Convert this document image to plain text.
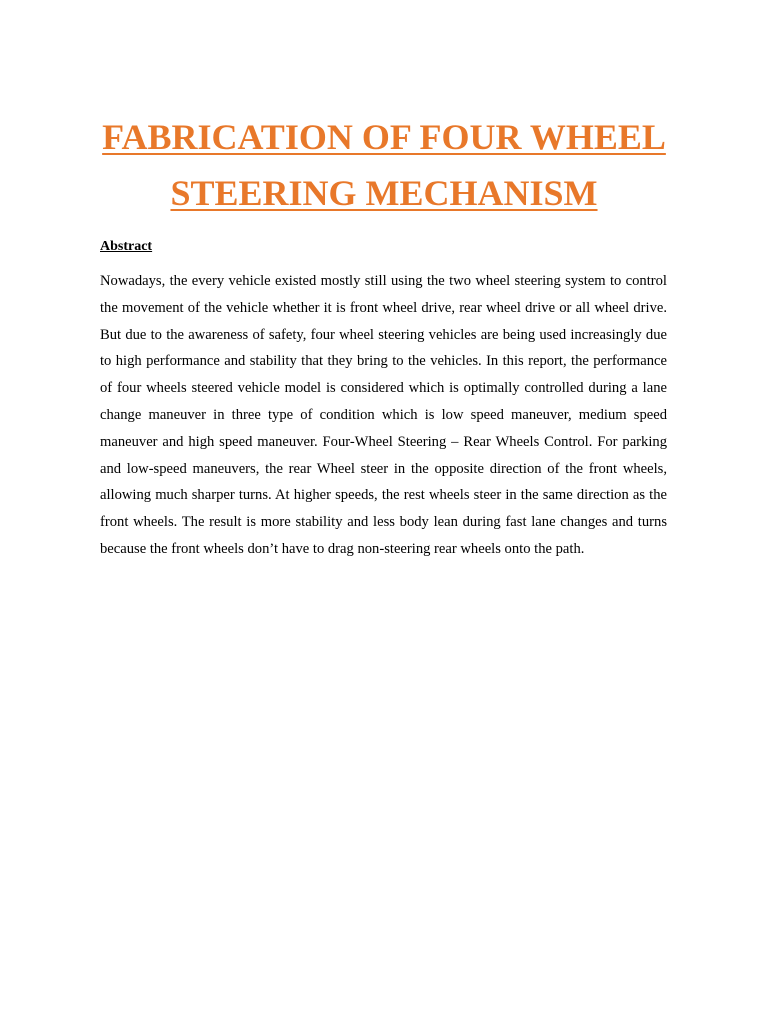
FABRICATION OF FOUR WHEEL
STEERING MECHANISM
Abstract

Nowadays, the every vehicle existed mostly still using the two wheel steering system to control the movement of the vehicle whether it is front wheel drive, rear wheel drive or all wheel drive. But due to the awareness of safety, four wheel steering vehicles are being used increasingly due to high performance and stability that they bring to the vehicles. In this report, the performance of four wheels steered vehicle model is considered which is optimally controlled during a lane change maneuver in three type of condition which is low speed maneuver, medium speed maneuver and high speed maneuver. Four-Wheel Steering – Rear Wheels Control. For parking and low-speed maneuvers, the rear Wheel steer in the opposite direction of the front wheels, allowing much sharper turns. At higher speeds, the rest wheels steer in the same direction as the front wheels. The result is more stability and less body lean during fast lane changes and turns because the front wheels don’t have to drag non-steering rear wheels onto the path.
